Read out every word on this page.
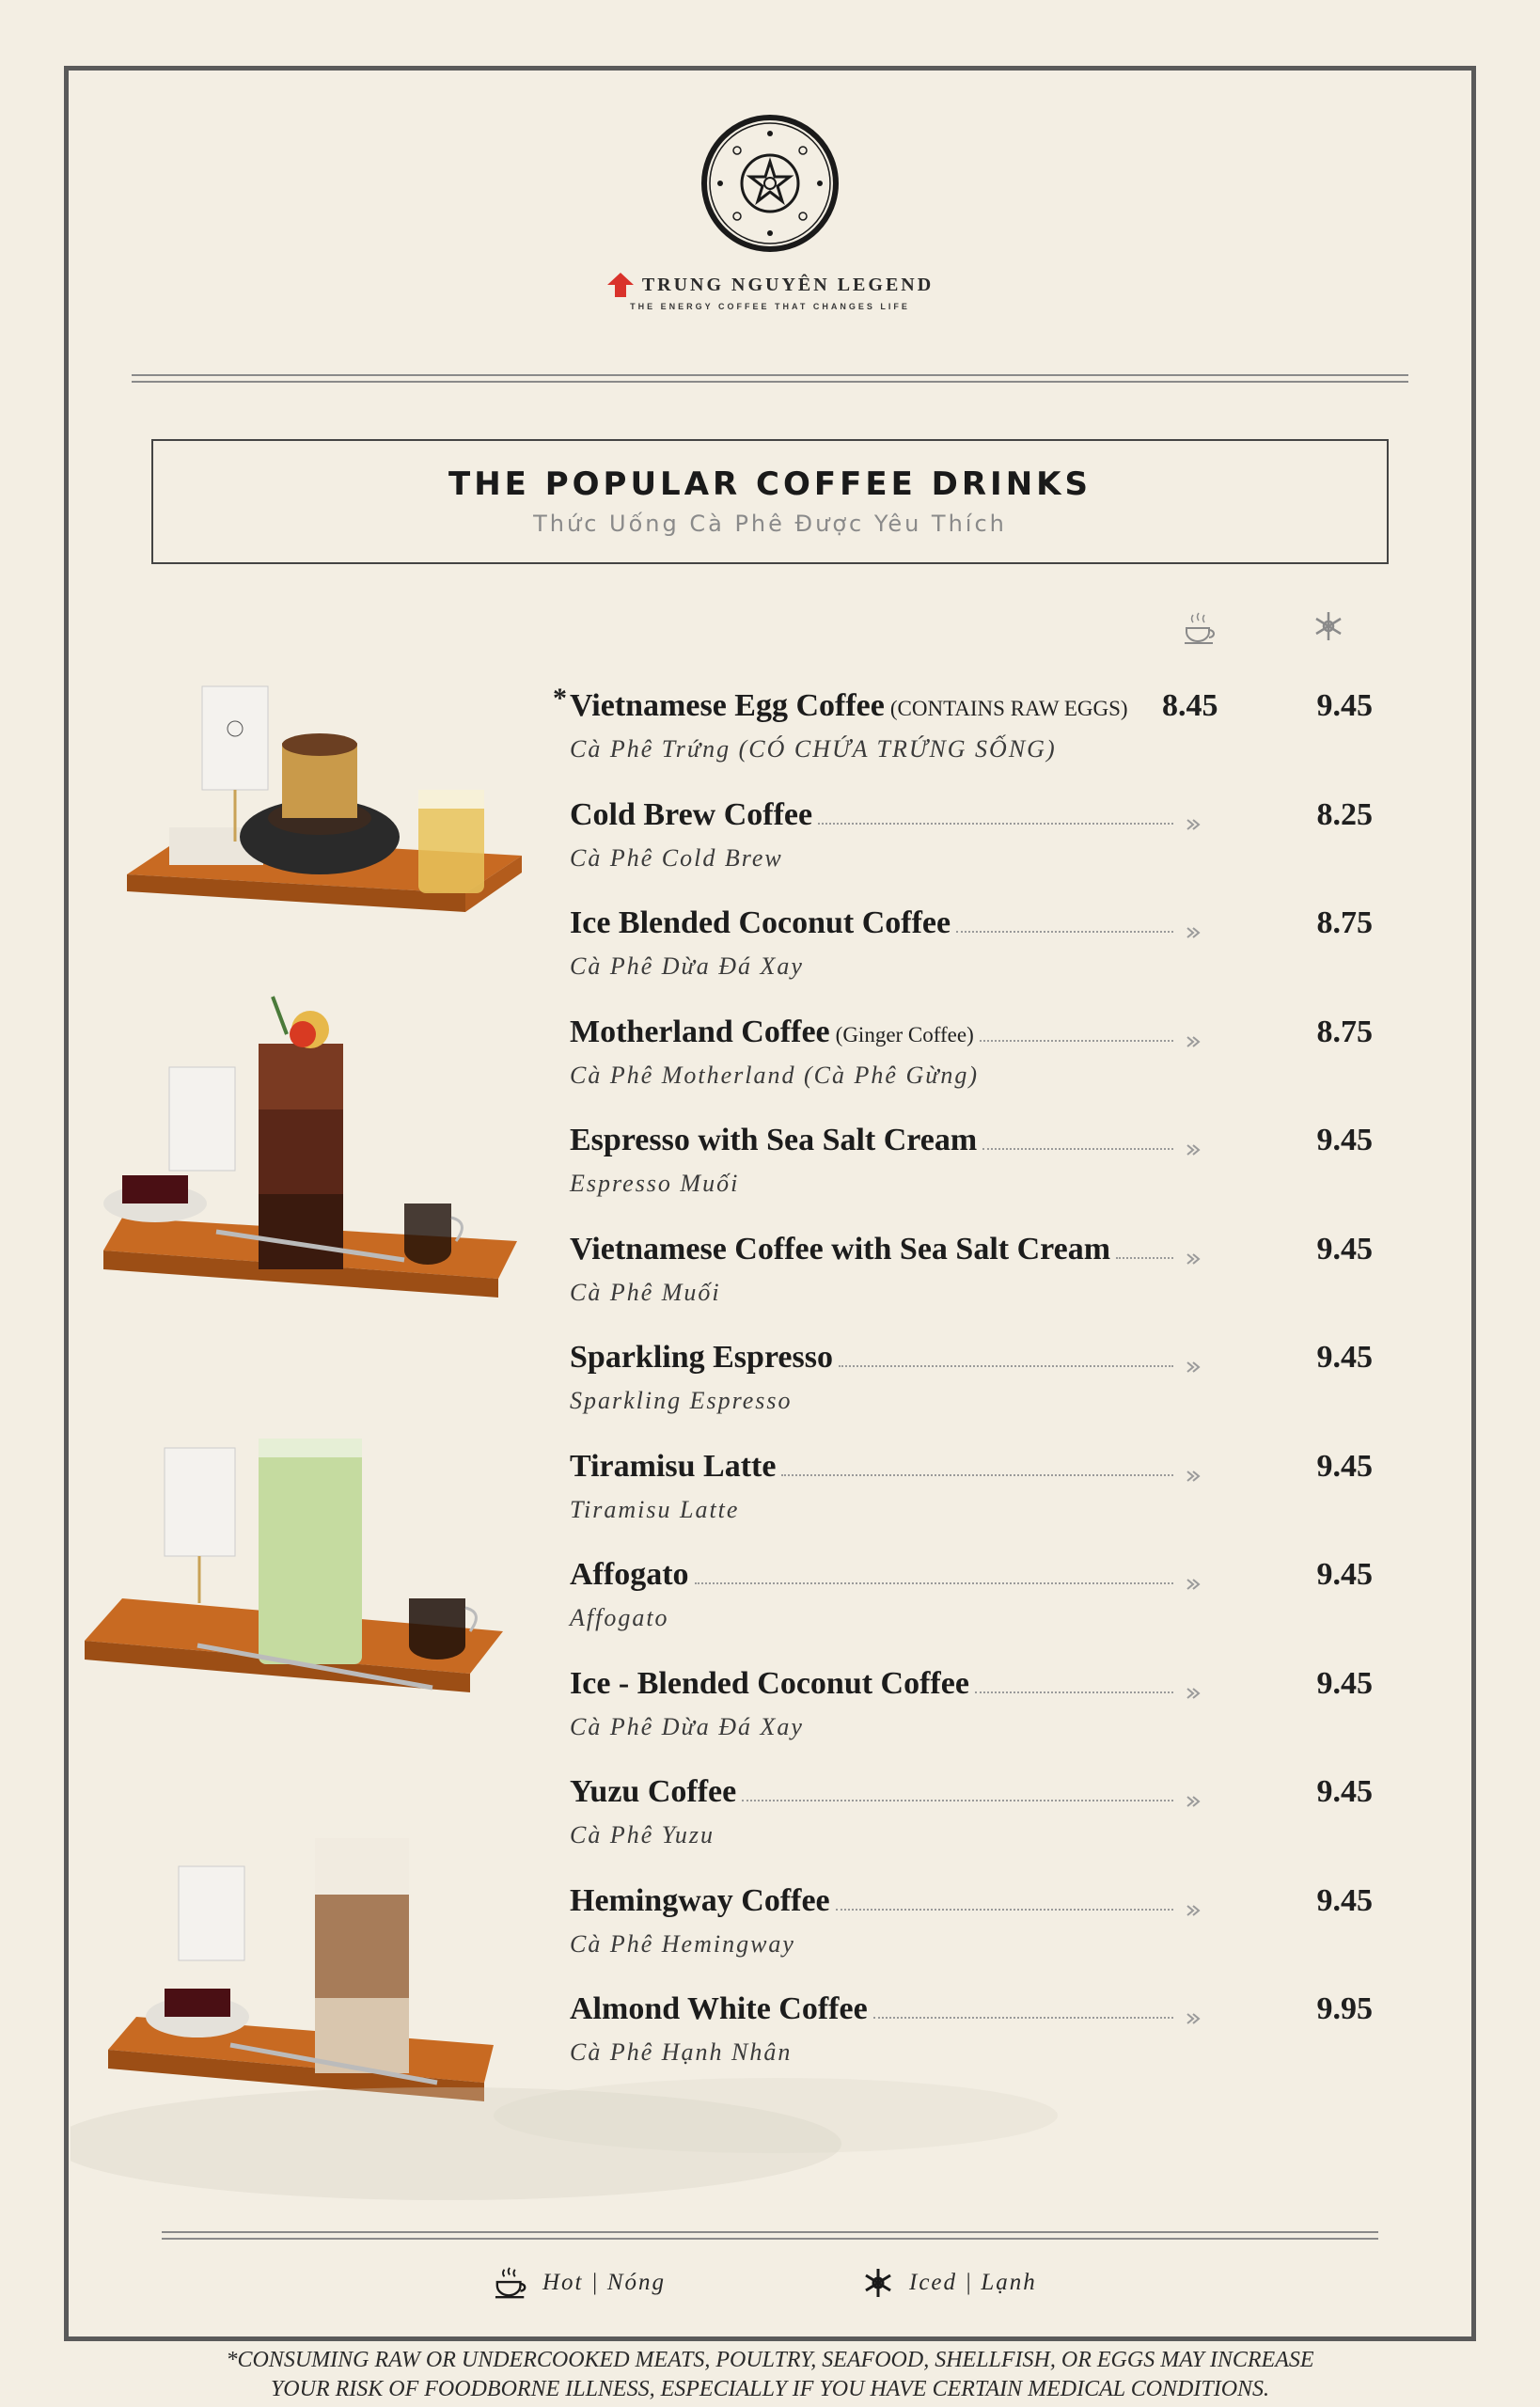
TRUNG NGUYÊN LEGEND
THE ENERGY COFFEE THAT CHANGES LIFE
THE POPULAR COFFEE DRINKS
Thức Uống Cà Phê Được Yêu Thích
* Vietnamese Egg Coffee (CONTAINS RAW EGGS)
Cà Phê Trứng (CÓ CHỨA TRỨNG SỐNG)
8.45	9.45
Cold Brew Coffee
Cà Phê Cold Brew
8.25
Ice Blended Coconut Coffee
Cà Phê Dừa Đá Xay
8.75
Motherland Coffee (Ginger Coffee)
Cà Phê Motherland (Cà Phê Gừng)
8.75
Espresso with Sea Salt Cream
Espresso Muối
9.45
Vietnamese Coffee with Sea Salt Cream
Cà Phê Muối
9.45
Sparkling Espresso
Sparkling Espresso
9.45
Tiramisu Latte
Tiramisu Latte
9.45
Affogato
Affogato
9.45
Ice - Blended Coconut Coffee
Cà Phê Dừa Đá Xay
9.45
Yuzu Coffee
Cà Phê Yuzu
9.45
Hemingway Coffee
Cà Phê Hemingway
9.45
Almond White Coffee
Cà Phê Hạnh Nhân
9.95
Hot | Nóng	Iced | Lạnh
*CONSUMING RAW OR UNDERCOOKED MEATS, POULTRY, SEAFOOD, SHELLFISH, OR EGGS MAY INCREASE
YOUR RISK OF FOODBORNE ILLNESS, ESPECIALLY IF YOU HAVE CERTAIN MEDICAL CONDITIONS.
